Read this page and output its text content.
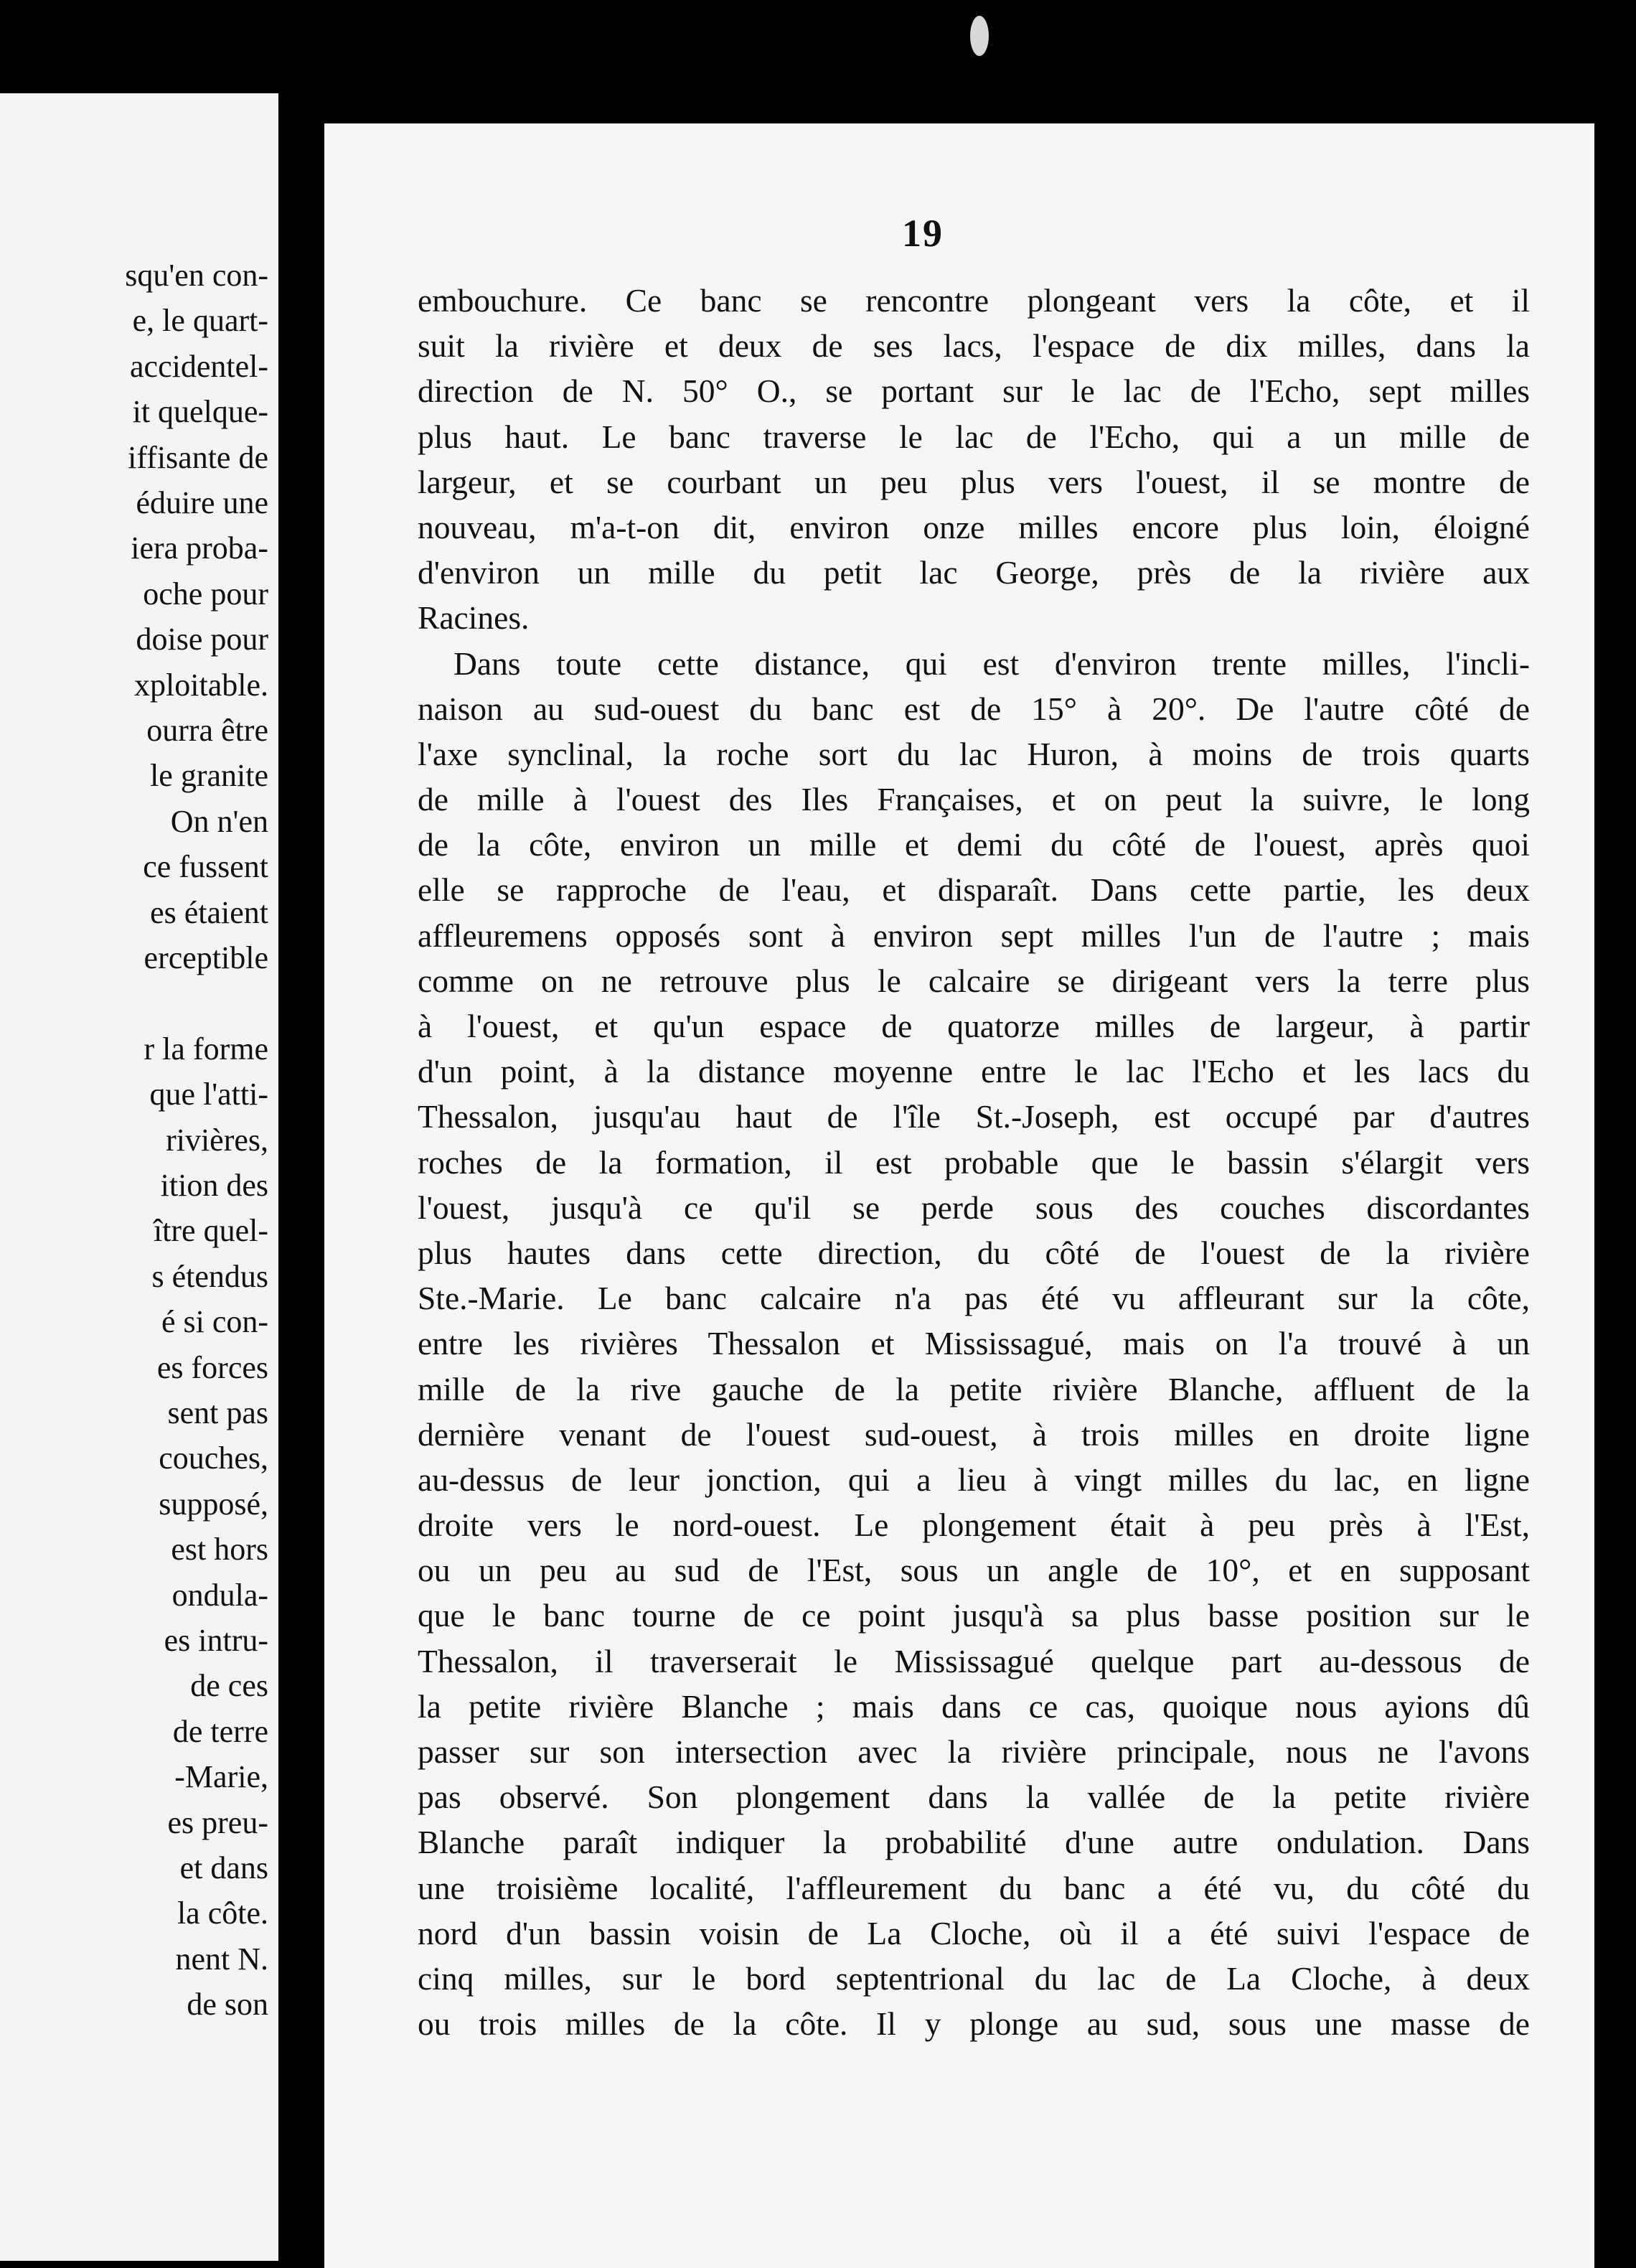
squ'en con-
e, le quart-
accidentel-
it quelque-
iffisante de
éduire une
iera proba-
oche pour
doise pour
xploitable.
ourra être
le granite
On n'en
ce fussent
es étaient
erceptible
r la forme
que l'atti-
rivières,
ition des
ître quel-
s étendus
é si con-
es forces
sent pas
couches,
supposé,
est hors
ondula-
es intru-
de ces
de terre
-Marie,
es preu-
et dans
la côte.
nent N.
de son
19
embouchure. Ce banc se rencontre plongeant vers la côte, et il
suit la rivière et deux de ses lacs, l'espace de dix milles, dans la
direction de N. 50° O., se portant sur le lac de l'Echo, sept milles
plus haut. Le banc traverse le lac de l'Echo, qui a un mille de
largeur, et se courbant un peu plus vers l'ouest, il se montre de
nouveau, m'a-t-on dit, environ onze milles encore plus loin, éloigné
d'environ un mille du petit lac George, près de la rivière aux
Racines.
Dans toute cette distance, qui est d'environ trente milles, l'incli-
naison au sud-ouest du banc est de 15° à 20°. De l'autre côté de
l'axe synclinal, la roche sort du lac Huron, à moins de trois quarts
de mille à l'ouest des Iles Françaises, et on peut la suivre, le long
de la côte, environ un mille et demi du côté de l'ouest, après quoi
elle se rapproche de l'eau, et disparaît. Dans cette partie, les deux
affleuremens opposés sont à environ sept milles l'un de l'autre ; mais
comme on ne retrouve plus le calcaire se dirigeant vers la terre plus
à l'ouest, et qu'un espace de quatorze milles de largeur, à partir
d'un point, à la distance moyenne entre le lac l'Echo et les lacs du
Thessalon, jusqu'au haut de l'île St.-Joseph, est occupé par d'autres
roches de la formation, il est probable que le bassin s'élargit vers
l'ouest, jusqu'à ce qu'il se perde sous des couches discordantes
plus hautes dans cette direction, du côté de l'ouest de la rivière
Ste.-Marie. Le banc calcaire n'a pas été vu affleurant sur la côte,
entre les rivières Thessalon et Mississagué, mais on l'a trouvé à un
mille de la rive gauche de la petite rivière Blanche, affluent de la
dernière venant de l'ouest sud-ouest, à trois milles en droite ligne
au-dessus de leur jonction, qui a lieu à vingt milles du lac, en ligne
droite vers le nord-ouest. Le plongement était à peu près à l'Est,
ou un peu au sud de l'Est, sous un angle de 10°, et en supposant
que le banc tourne de ce point jusqu'à sa plus basse position sur le
Thessalon, il traverserait le Mississagué quelque part au-dessous de
la petite rivière Blanche ; mais dans ce cas, quoique nous ayions dû
passer sur son intersection avec la rivière principale, nous ne l'avons
pas observé. Son plongement dans la vallée de la petite rivière
Blanche paraît indiquer la probabilité d'une autre ondulation. Dans
une troisième localité, l'affleurement du banc a été vu, du côté du
nord d'un bassin voisin de La Cloche, où il a été suivi l'espace de
cinq milles, sur le bord septentrional du lac de La Cloche, à deux
ou trois milles de la côte. Il y plonge au sud, sous une masse de
